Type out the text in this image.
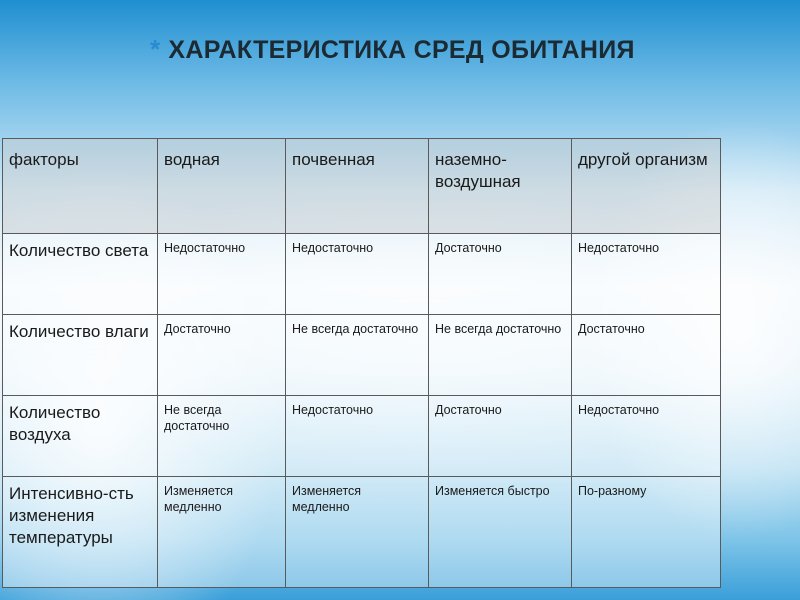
* ХАРАКТЕРИСТИКА СРЕД ОБИТАНИЯ
факторы	водная	почвенная	наземно-воздушная	другой организм
Количество света	Недостаточно	Недостаточно	Достаточно	Недостаточно
Количество влаги	Достаточно	Не всегда достаточно	Не всегда достаточно	Достаточно
Количество воздуха	Не всегда достаточно	Недостаточно	Достаточно	Недостаточно
Интенсивно-сть изменения температуры	Изменяется медленно	Изменяется медленно	Изменяется быстро	По-разному
